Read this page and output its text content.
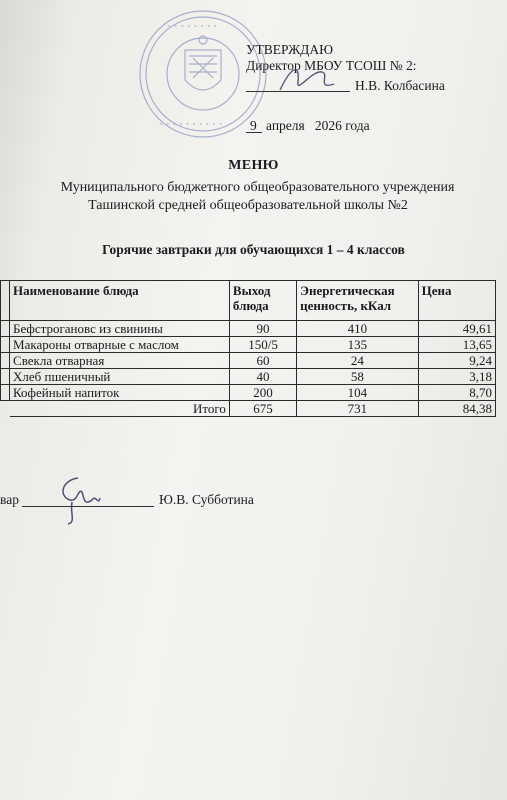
∙ ∙ ∙ ∙ ∙ ∙ ∙ ∙
∙ ∙ ∙ ∙ ∙ ∙ ∙ ∙ ∙ ∙
УТВЕРЖДАЮ
Директор МБОУ ТСОШ № 2:
Н.В. Колбасина
9 апреля   2026 года
МЕНЮ
Муниципального бюджетного общеобразовательного учреждения
Ташинской средней общеобразовательной школы №2
Горячие завтраки для обучающихся 1 – 4 классов
	Наименование блюда	Выход блюда	Энергетическая ценность, кКал	Цена
	Бефстрогановс из свинины	90	410	49,61
	Макароны отварные с маслом	150/5	135	13,65
	Свекла отварная	60	24	9,24
	Хлеб пшеничный	40	58	3,18
	Кофейный напиток	200	104	8,70
	Итого	675	731	84,38
вар	Ю.В. Субботина
